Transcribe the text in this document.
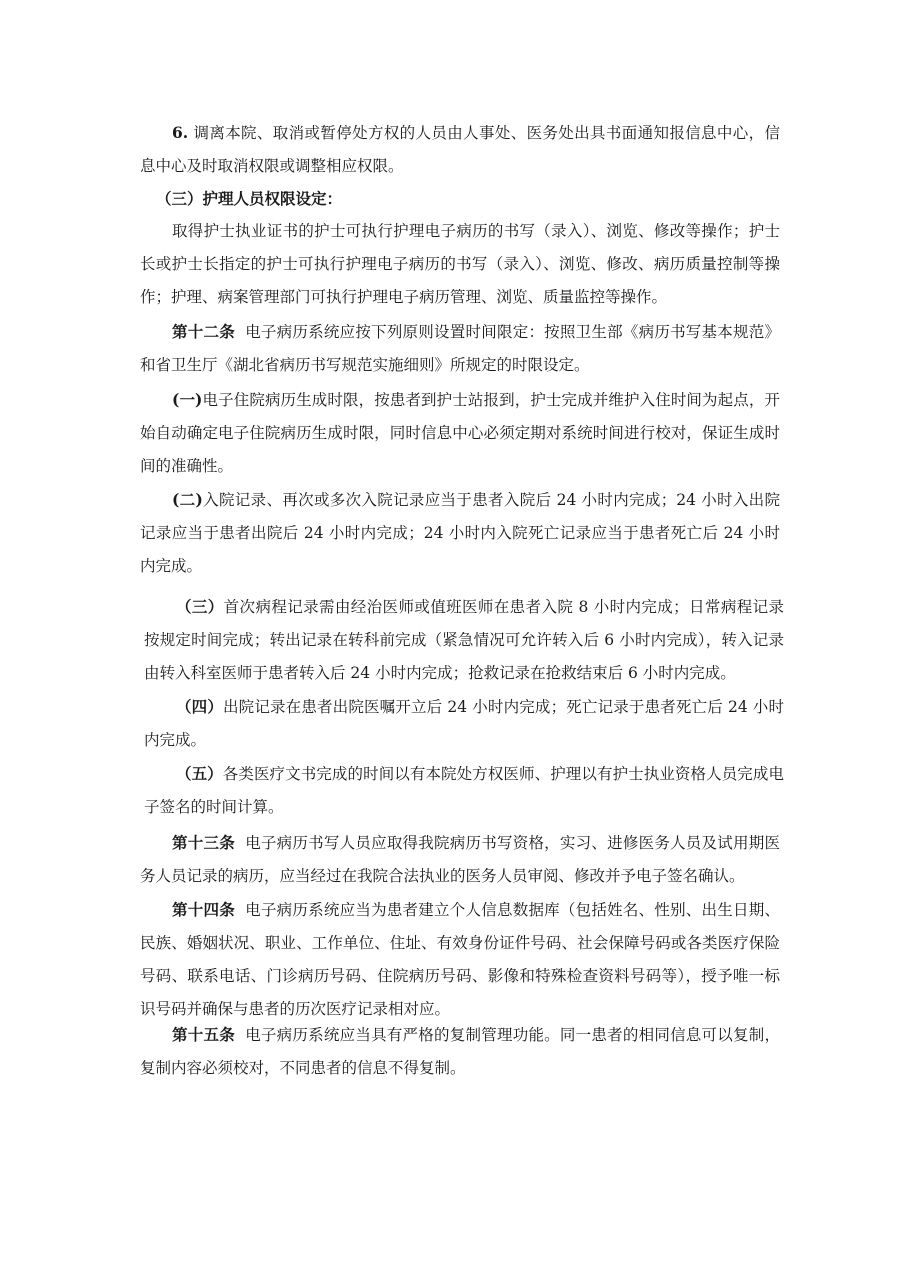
6. 调离本院、取消或暂停处方权的人员由人事处、医务处出具书面通知报信息中心，信息中心及时取消权限或调整相应权限。

（三）护理人员权限设定：

取得护士执业证书的护士可执行护理电子病历的书写（录入）、浏览、修改等操作；护士长或护士长指定的护士可执行护理电子病历的书写（录入）、浏览、修改、病历质量控制等操作；护理、病案管理部门可执行护理电子病历管理、浏览、质量监控等操作。

第十二条 电子病历系统应按下列原则设置时间限定：按照卫生部《病历书写基本规范》和省卫生厅《湖北省病历书写规范实施细则》所规定的时限设定。

(一)电子住院病历生成时限，按患者到护士站报到，护士完成并维护入住时间为起点，开始自动确定电子住院病历生成时限，同时信息中心必须定期对系统时间进行校对，保证生成时间的准确性。

(二)入院记录、再次或多次入院记录应当于患者入院后 24 小时内完成；24 小时入出院记录应当于患者出院后 24 小时内完成；24 小时内入院死亡记录应当于患者死亡后 24 小时内完成。

（三）首次病程记录需由经治医师或值班医师在患者入院 8 小时内完成；日常病程记录按规定时间完成；转出记录在转科前完成（紧急情况可允许转入后 6 小时内完成），转入记录由转入科室医师于患者转入后 24 小时内完成；抢救记录在抢救结束后 6 小时内完成。

（四）出院记录在患者出院医嘱开立后 24 小时内完成；死亡记录于患者死亡后 24 小时内完成。

（五）各类医疗文书完成的时间以有本院处方权医师、护理以有护士执业资格人员完成电子签名的时间计算。

第十三条 电子病历书写人员应取得我院病历书写资格，实习、进修医务人员及试用期医务人员记录的病历，应当经过在我院合法执业的医务人员审阅、修改并予电子签名确认。

第十四条 电子病历系统应当为患者建立个人信息数据库（包括姓名、性别、出生日期、民族、婚姻状况、职业、工作单位、住址、有效身份证件号码、社会保障号码或各类医疗保险号码、联系电话、门诊病历号码、住院病历号码、影像和特殊检查资料号码等），授予唯一标识号码并确保与患者的历次医疗记录相对应。

第十五条 电子病历系统应当具有严格的复制管理功能。同一患者的相同信息可以复制，复制内容必须校对，不同患者的信息不得复制。
